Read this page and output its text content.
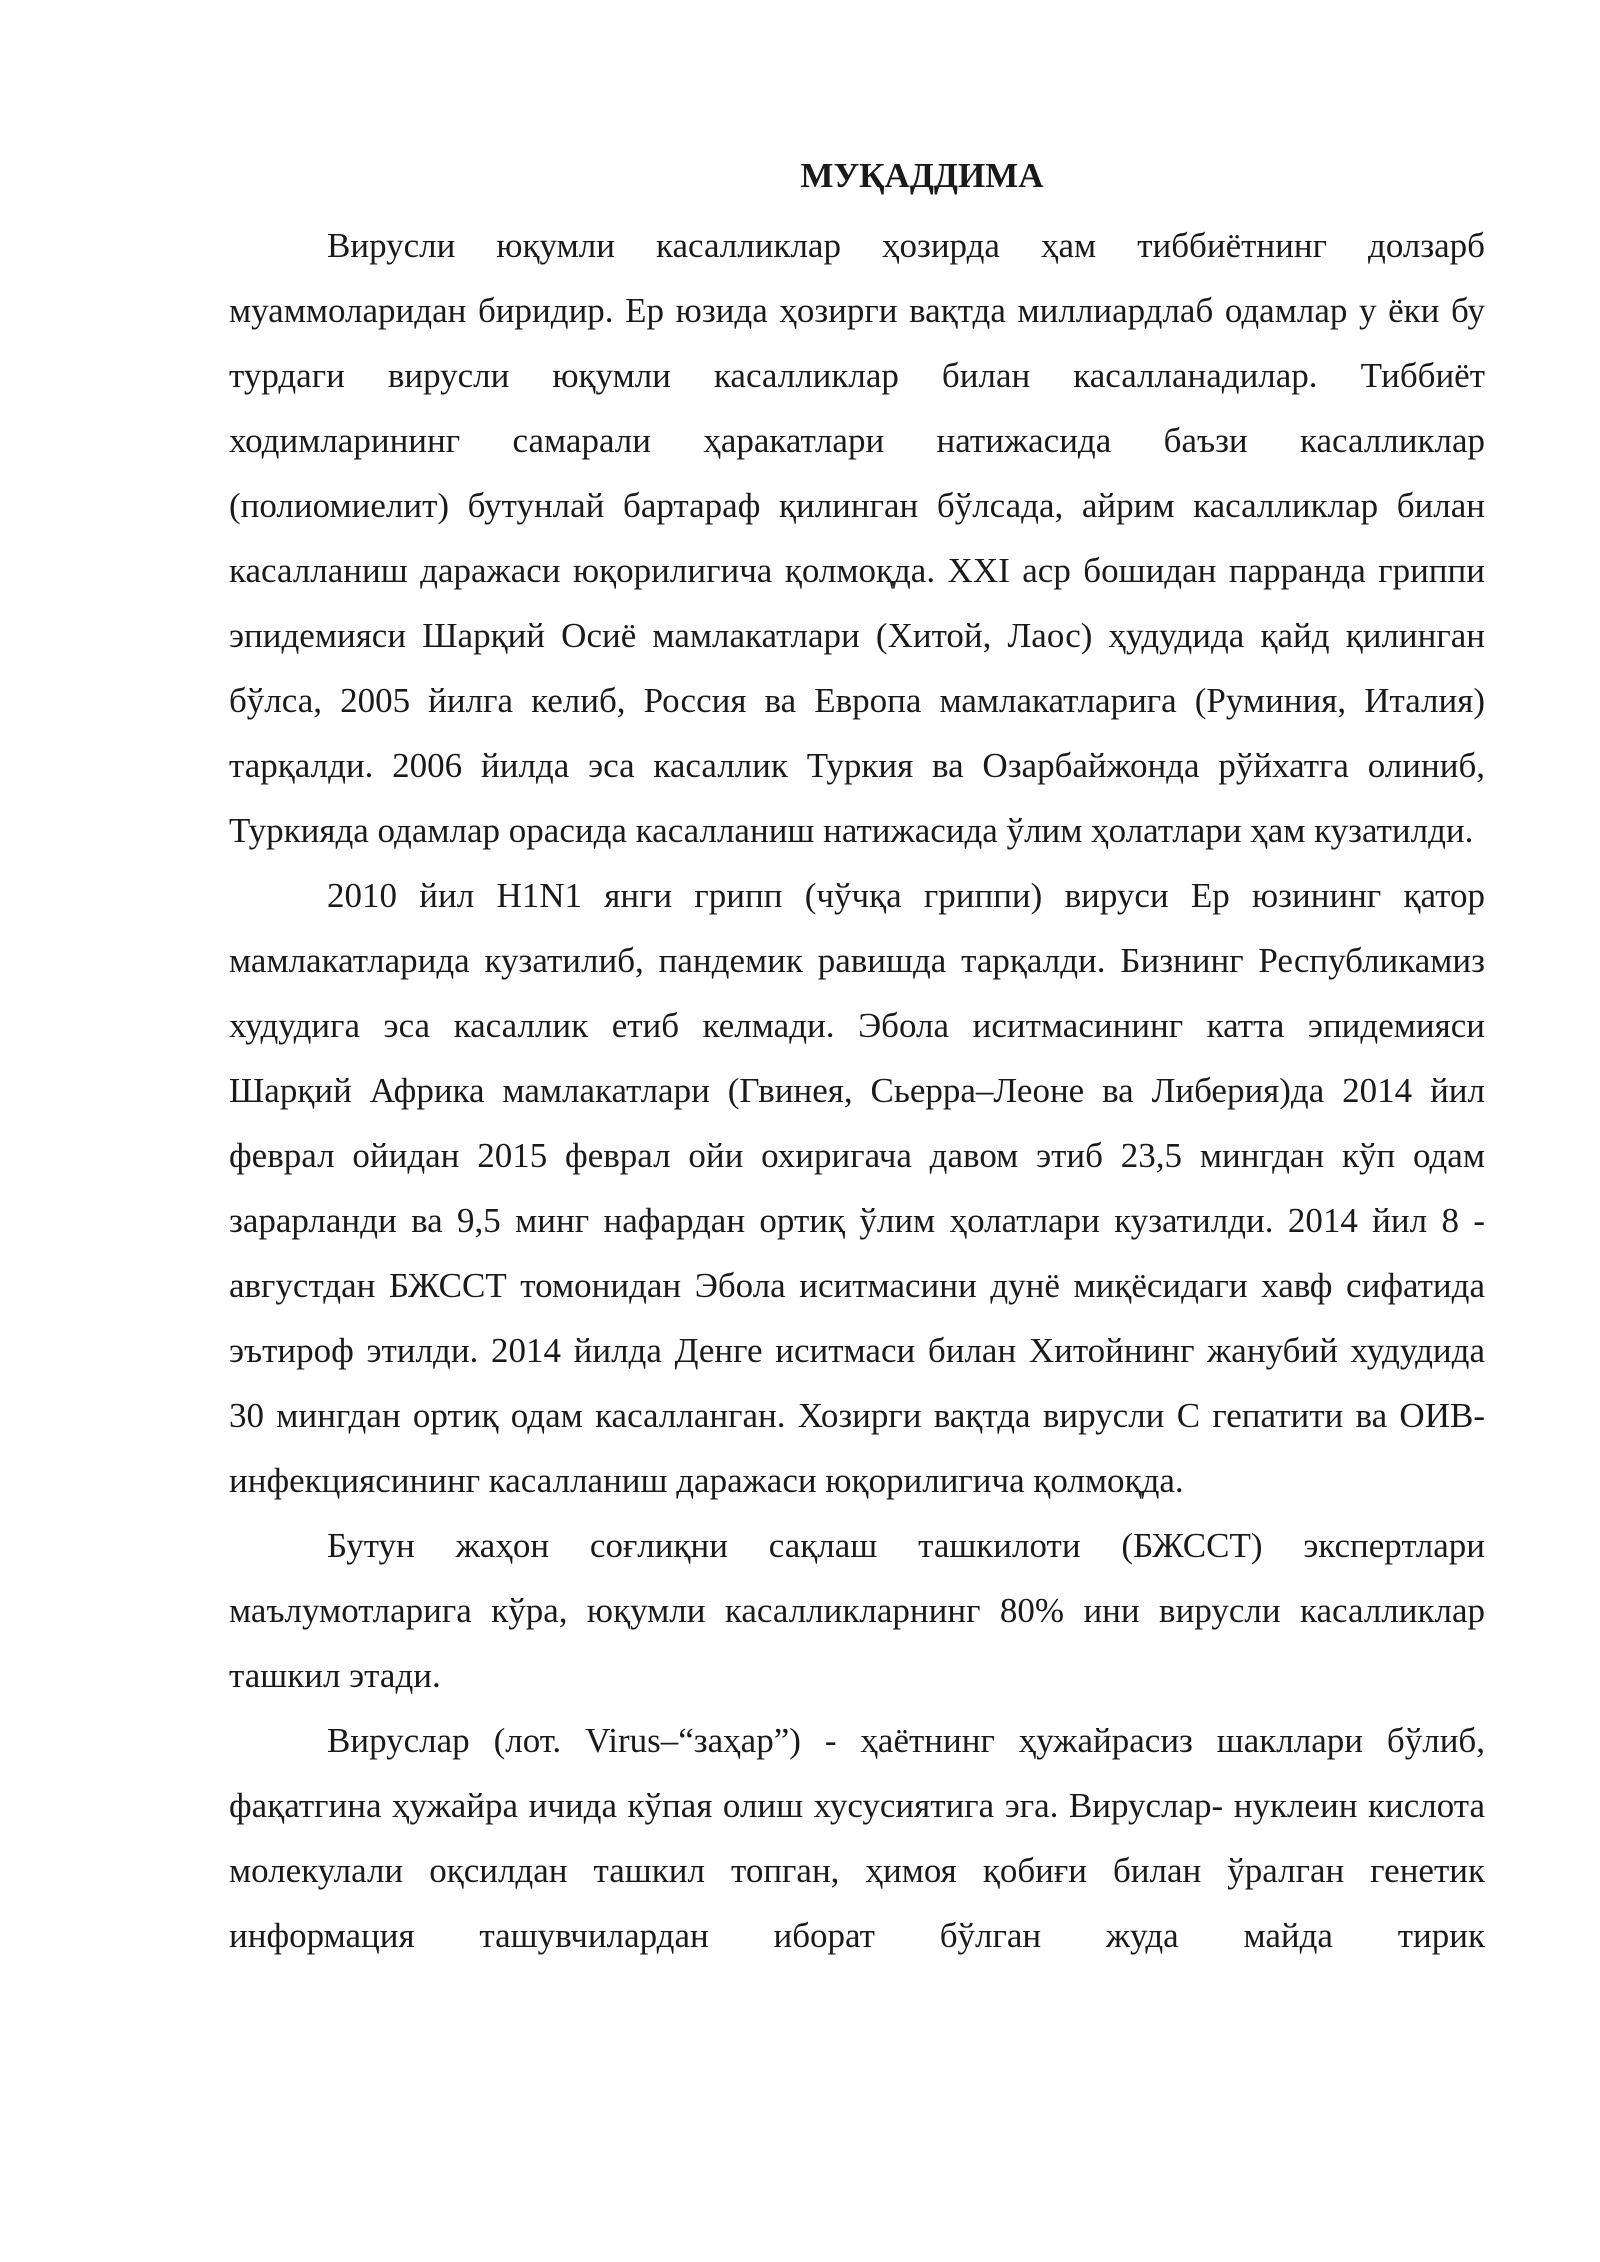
МУҚАДДИМА

Вирусли юқумли касалликлар ҳозирда ҳам тиббиётнинг долзарб муаммоларидан биридир. Ер юзида ҳозирги вақтда миллиардлаб одамлар у ёки бу турдаги вирусли юқумли касалликлар билан касалланадилар. Тиббиёт ходимларининг самарали ҳаракатлари натижасида баъзи касалликлар (полиомиелит) бутунлай бартараф қилинган бўлсада, айрим касалликлар билан касалланиш даражаси юқорилигича қолмоқда. XXI аср бошидан парранда гриппи эпидемияси Шарқий Осиё мамлакатлари (Хитой, Лаос) ҳудудида қайд қилинган бўлса, 2005 йилга келиб, Россия ва Европа мамлакатларига (Руминия, Италия) тарқалди. 2006 йилда эса касаллик Туркия ва Озарбайжонда рўйхатга олиниб, Туркияда одамлар орасида касалланиш натижасида ўлим ҳолатлари ҳам кузатилди.

2010 йил H1N1 янги грипп (чўчқа гриппи) вируси Ер юзининг қатор мамлакатларида кузатилиб, пандемик равишда тарқалди. Бизнинг Республикамиз худудига эса касаллик етиб келмади. Эбола иситмасининг катта эпидемияси Шарқий Африка мамлакатлари (Гвинея, Сьерра–Леоне ва Либерия)да 2014 йил феврал ойидан 2015 феврал ойи охиригача давом этиб 23,5 мингдан кўп одам зарарланди ва 9,5 минг нафардан ортиқ ўлим ҳолатлари кузатилди. 2014 йил 8 - августдан БЖССТ томонидан Эбола иситмасини дунё миқёсидаги хавф сифатида эътироф этилди. 2014 йилда Денге иситмаси билан Хитойнинг жанубий худудида 30 мингдан ортиқ одам касалланган. Хозирги вақтда вирусли С гепатити ва ОИВ-инфекциясининг касалланиш даражаси юқорилигича қолмоқда.

Бутун жаҳон соғлиқни сақлаш ташкилоти (БЖССТ) экспертлари маълумотларига кўра, юқумли касалликларнинг 80% ини вирусли касалликлар ташкил этади.

Вируслар (лот. Virus–“заҳар”) - ҳаётнинг ҳужайрасиз шакллари бўлиб, фақатгина ҳужайра ичида кўпая олиш хусусиятига эга. Вируслар- нуклеин кислота молекулали оқсилдан ташкил топган, ҳимоя қобиғи билан ўралган генетик информация ташувчилардан иборат бўлган жуда майда тирик
